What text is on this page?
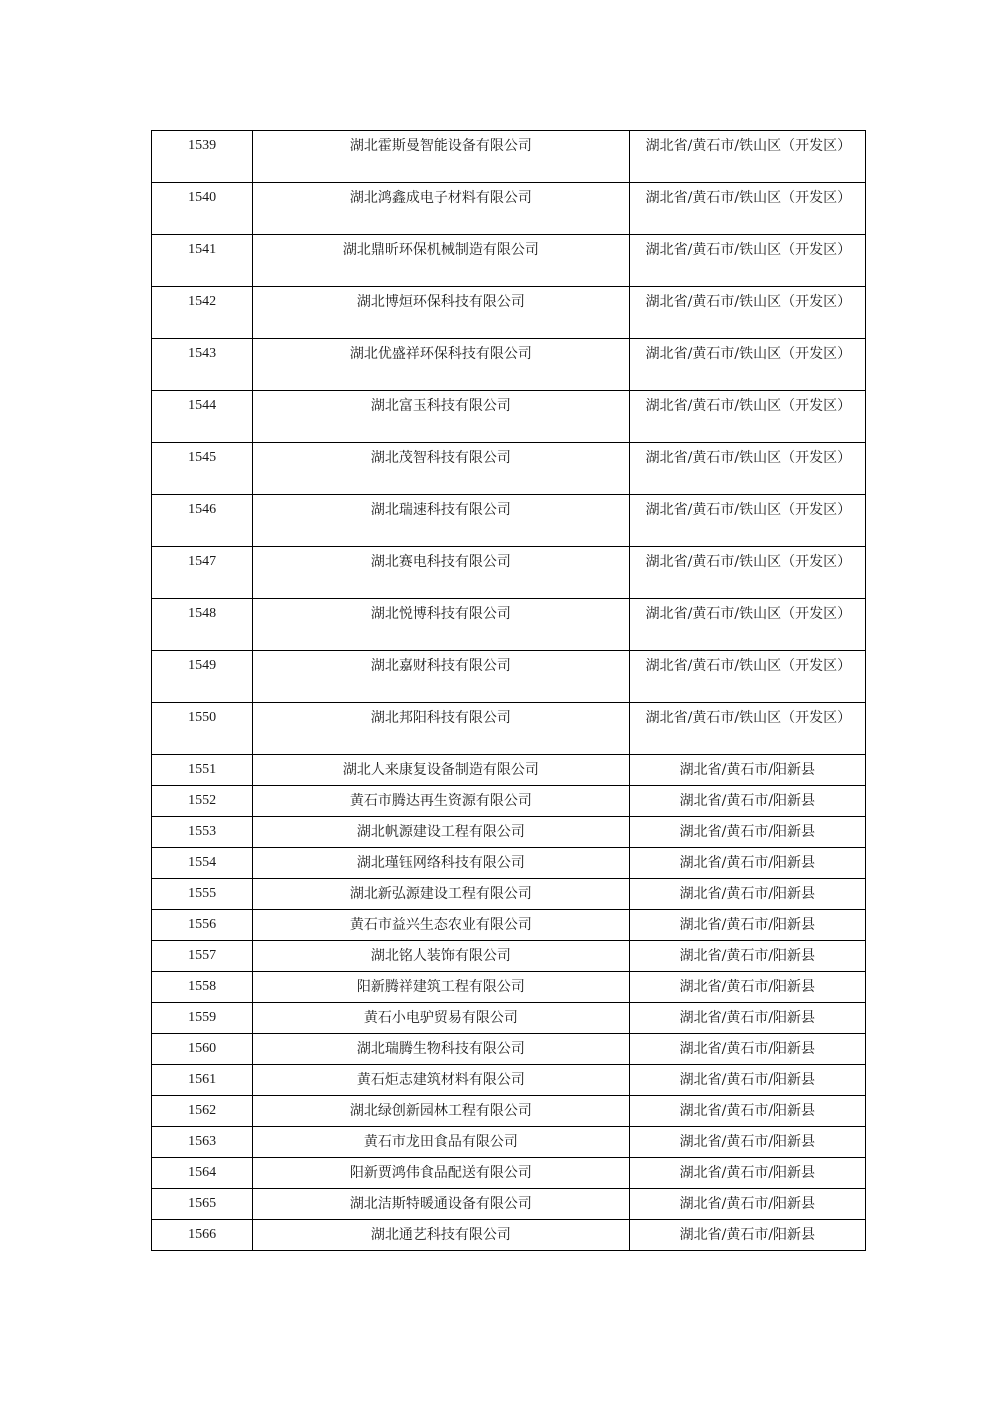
1539	湖北霍斯曼智能设备有限公司	湖北省/黄石市/铁山区（开发区）

1540	湖北鸿鑫成电子材料有限公司	湖北省/黄石市/铁山区（开发区）

1541	湖北鼎昕环保机械制造有限公司	湖北省/黄石市/铁山区（开发区）

1542	湖北博烜环保科技有限公司	湖北省/黄石市/铁山区（开发区）

1543	湖北优盛祥环保科技有限公司	湖北省/黄石市/铁山区（开发区）

1544	湖北富玉科技有限公司	湖北省/黄石市/铁山区（开发区）

1545	湖北茂智科技有限公司	湖北省/黄石市/铁山区（开发区）

1546	湖北瑞速科技有限公司	湖北省/黄石市/铁山区（开发区）

1547	湖北赛电科技有限公司	湖北省/黄石市/铁山区（开发区）

1548	湖北悦博科技有限公司	湖北省/黄石市/铁山区（开发区）

1549	湖北嘉财科技有限公司	湖北省/黄石市/铁山区（开发区）

1550	湖北邦阳科技有限公司	湖北省/黄石市/铁山区（开发区）

1551	湖北人来康复设备制造有限公司	湖北省/黄石市/阳新县
1552	黄石市腾达再生资源有限公司	湖北省/黄石市/阳新县
1553	湖北帆源建设工程有限公司	湖北省/黄石市/阳新县
1554	湖北瑾钰网络科技有限公司	湖北省/黄石市/阳新县
1555	湖北新弘源建设工程有限公司	湖北省/黄石市/阳新县
1556	黄石市益兴生态农业有限公司	湖北省/黄石市/阳新县
1557	湖北铭人装饰有限公司	湖北省/黄石市/阳新县
1558	阳新腾祥建筑工程有限公司	湖北省/黄石市/阳新县
1559	黄石小电驴贸易有限公司	湖北省/黄石市/阳新县
1560	湖北瑞腾生物科技有限公司	湖北省/黄石市/阳新县
1561	黄石炬志建筑材料有限公司	湖北省/黄石市/阳新县
1562	湖北绿创新园林工程有限公司	湖北省/黄石市/阳新县
1563	黄石市龙田食品有限公司	湖北省/黄石市/阳新县
1564	阳新贾鸿伟食品配送有限公司	湖北省/黄石市/阳新县
1565	湖北洁斯特暖通设备有限公司	湖北省/黄石市/阳新县
1566	湖北通艺科技有限公司	湖北省/黄石市/阳新县
